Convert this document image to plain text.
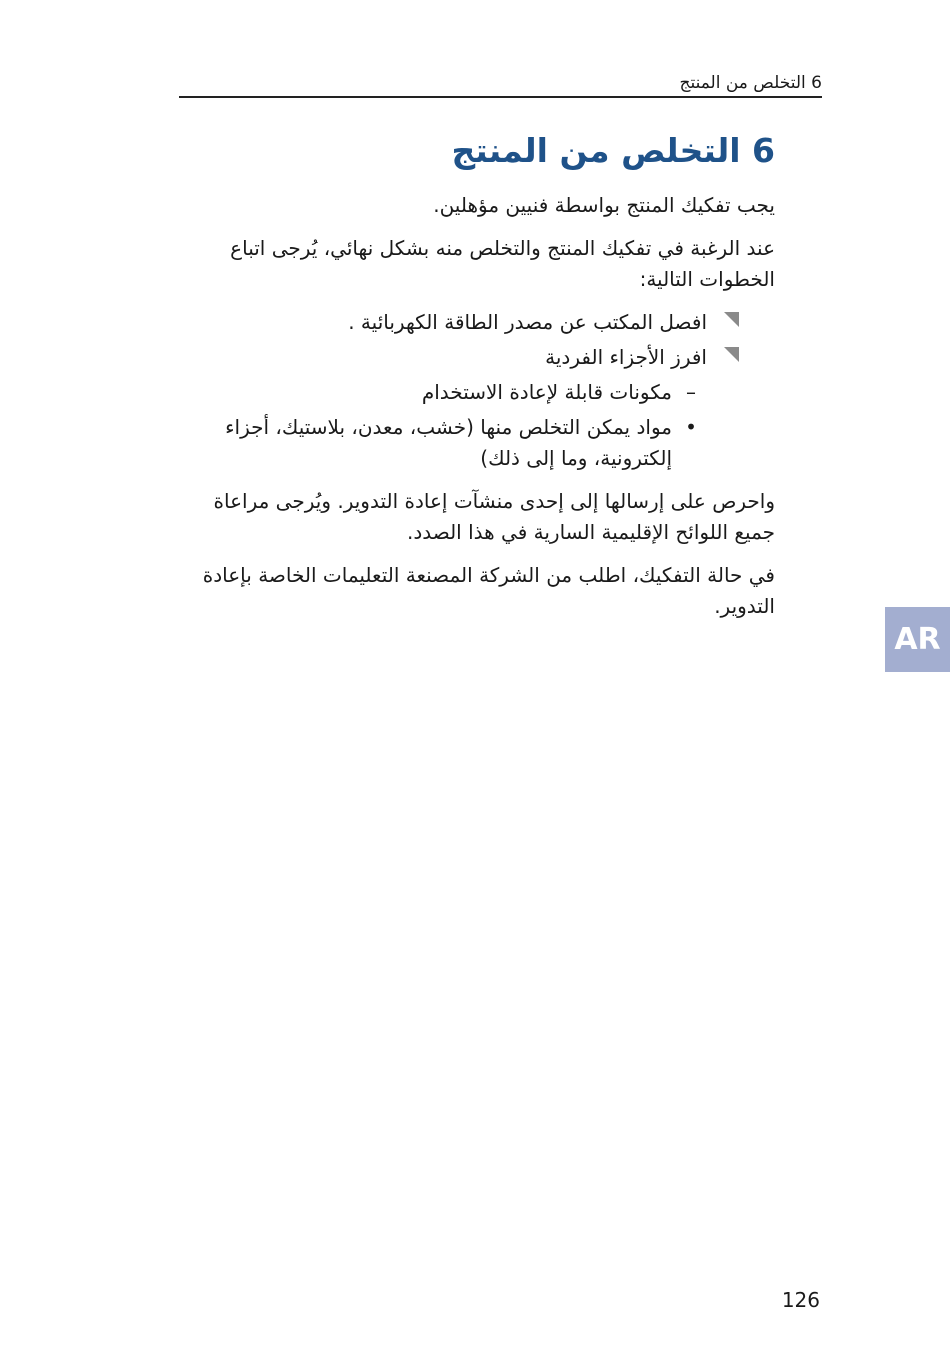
6 التخلص من المنتج
6 التخلص من المنتج

يجب تفكيك المنتج بواسطة فنيين مؤهلين.

عند الرغبة في تفكيك المنتج والتخلص منه بشكل نهائي، يُرجى اتباع الخطوات التالية:

افصل المكتب عن مصدر الطاقة الكهربائية .
افرز الأجزاء الفردية
–
مكونات قابلة لإعادة الاستخدام
•
مواد يمكن التخلص منها (خشب، معدن، بلاستيك، أجزاء إلكترونية، وما إلى ذلك)

واحرص على إرسالها إلى إحدى منشآت إعادة التدوير. ويُرجى مراعاة جميع اللوائح الإقليمية السارية في هذا الصدد.

في حالة التفكيك، اطلب من الشركة المصنعة التعليمات الخاصة بإعادة التدوير.

AR
126
